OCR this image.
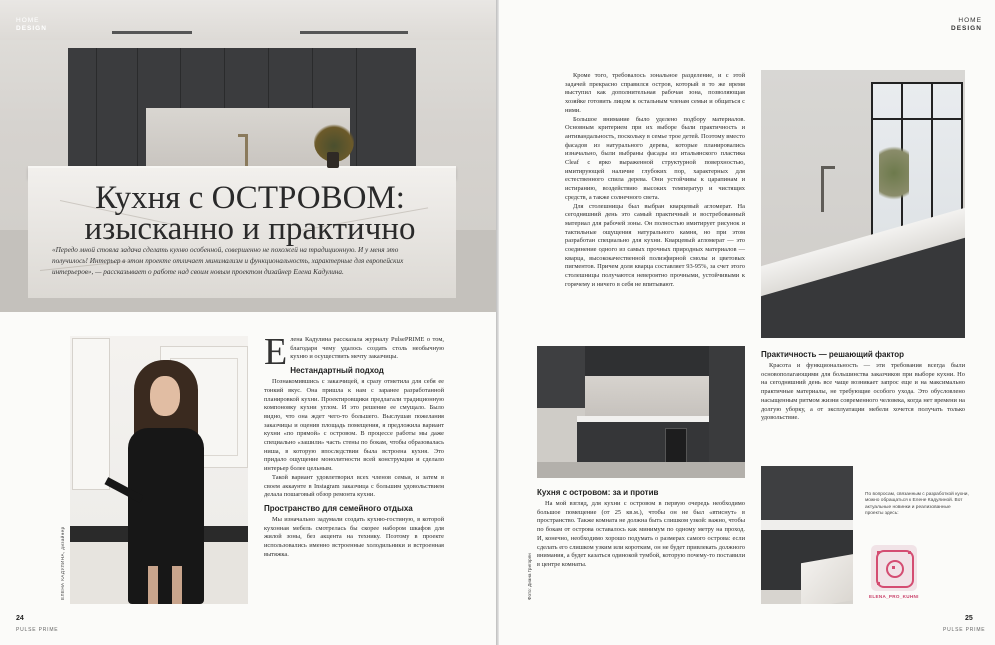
HOME
DESIGN
Кухня с ОСТРОВОМ:
изысканно и практично
«Передо мной стояла задача сделать кухню особенной, совершенно не похожей на традиционную. И у меня это получилось! Интерьер в этом проекте отличает минимализм и функциональность, характерные для европейских интерьеров», — рассказывает о работе над своим новым проектом дизайнер Елена Кадулина.
ЕЛЕНА КАДУЛИНА, дизайнер
Е лена Кадулина рассказала журналу PulsePRIME о том, благодаря чему удалось создать столь необычную кухню и осуществить мечту заказчицы.

Нестандартный подход

Познакомившись с заказчицей, я сразу отметила для себя ее тонкий вкус. Она пришла к нам с заранее разработанной планировкой кухни. Проектировщики предлагали традиционную компоновку кухни углом. И это решение ее смущало. Было видно, что она ждет чего-то большего. Выслушав пожелания заказчицы и оценив площадь помещения, я предложила вариант кухни «по прямой» с островом. В процессе работы мы даже специально «зашили» часть стены по бокам, чтобы образовалась ниша, в которую впоследствии была встроена кухня. Это придало ощущение монолитности всей конструкции и сделало интерьер более цельным.

Такой вариант удовлетворил всех членов семьи, и затем в своем аккаунте в Instagram заказчица с большим удовольствием делала пошаговый обзор ремонта кухни.

Пространство для семейного отдыха

Мы изначально задумали создать кухню-гостиную, в которой кухонная мебель смотрелась бы скорее набором шкафов для жилой зоны, без акцента на технику. Поэтому в проекте использовались именно встроенные холодильники и встроенная вытяжка.

24
PULSE PRIME
HOME
DESIGN

Кроме того, требовалось зональное разделение, и с этой задачей прекрасно справился остров, который в то же время выступил как дополнительная рабочая зона, позволяющая хозяйке готовить лицом к остальным членам семьи и общаться с ними.

Большое внимание было уделено подбору материалов. Основным критерием при их выборе были практичность и антивандальность, поскольку в семье трое детей. Поэтому вместо фасадов из натурального дерева, которые планировались изначально, были выбраны фасады из итальянского пластика Cleaf с ярко выраженной структурной поверхностью, имитирующей наличие глубоких пор, характерных для естественного спила дерева. Они устойчивы к царапинам и истиранию, воздействию высоких температур и чистящих средств, а также солнечного света.

Для столешницы был выбран кварцевый агломерат. На сегодняшний день это самый практичный и востребованный материал для рабочей зоны. Он полностью имитирует рисунок и тактильные ощущения натурального камня, но при этом разработан специально для кухни. Кварцевый агломерат — это соединение одного из самых прочных природных материалов — кварца, высококачественной полиэфирной смолы и цветовых пигментов. Причем доля кварца составляет 93-95%, за счет этого столешницы получаются невероятно прочными, устойчивыми к горячему и ничего в себя не впитывают.

Фото: Диана Григорян
Практичность — решающий фактор

Красота и функциональность — эти требования всегда были основополагающими для большинства заказчиков при выборе кухни. Но на сегодняшний день все чаще возникает запрос еще и на максимально практичные материалы, не требующие особого ухода. Это обусловлено насыщенным ритмом жизни современного человека, когда нет времени на долгую уборку, а от эксплуатации мебели хочется получать только удовольствие.

Кухня с островом: за и против

На мой взгляд, для кухни с островом в первую очередь необходимо большое помещение (от 25 кв.м.), чтобы он не был «втиснут» в пространство. Также комната не должна быть слишком узкой: важно, чтобы по бокам от острова оставалось как минимум по одному метру на проход. И, конечно, необходимо хорошо подумать о размерах самого острова: если сделать его слишком узким или коротким, он не будет привлекать должного внимания, а будет казаться одинокой тумбой, которую почему-то поставили в центре комнаты.

По вопросам, связанным с разработкой кухни, можно обращаться к Елене Кадулиной. Вот актуальные новинки и реализованные проекты здесь:
ELENA_PRO_KUHNI
25
PULSE PRIME
